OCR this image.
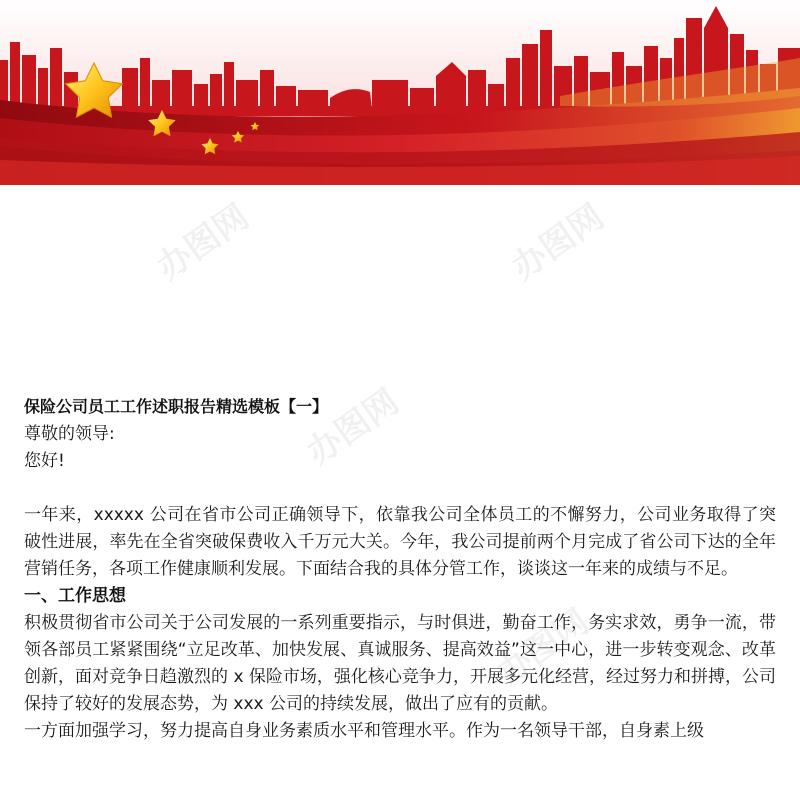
办图网	办图网
办图网
办图网
保险公司员工工作述职报告精选模板【一】
尊敬的领导:
您好!
一年来，xxxxx 公司在省市公司正确领导下，依靠我公司全体员工的不懈努力，公司业务取得了突破性进展，率先在全省突破保费收入千万元大关。今年，我公司提前两个月完成了省公司下达的全年营销任务，各项工作健康顺利发展。下面结合我的具体分管工作，谈谈这一年来的成绩与不足。
一、工作思想
积极贯彻省市公司关于公司发展的一系列重要指示，与时俱进，勤奋工作，务实求效，勇争一流，带领各部员工紧紧围绕“立足改革、加快发展、真诚服务、提高效益”这一中心，进一步转变观念、改革创新，面对竞争日趋激烈的 x 保险市场，强化核心竞争力，开展多元化经营，经过努力和拼搏，公司保持了较好的发展态势，为 xxx 公司的持续发展，做出了应有的贡献。
一方面加强学习，努力提高自身业务素质水平和管理水平。作为一名领导干部，自身素上级
